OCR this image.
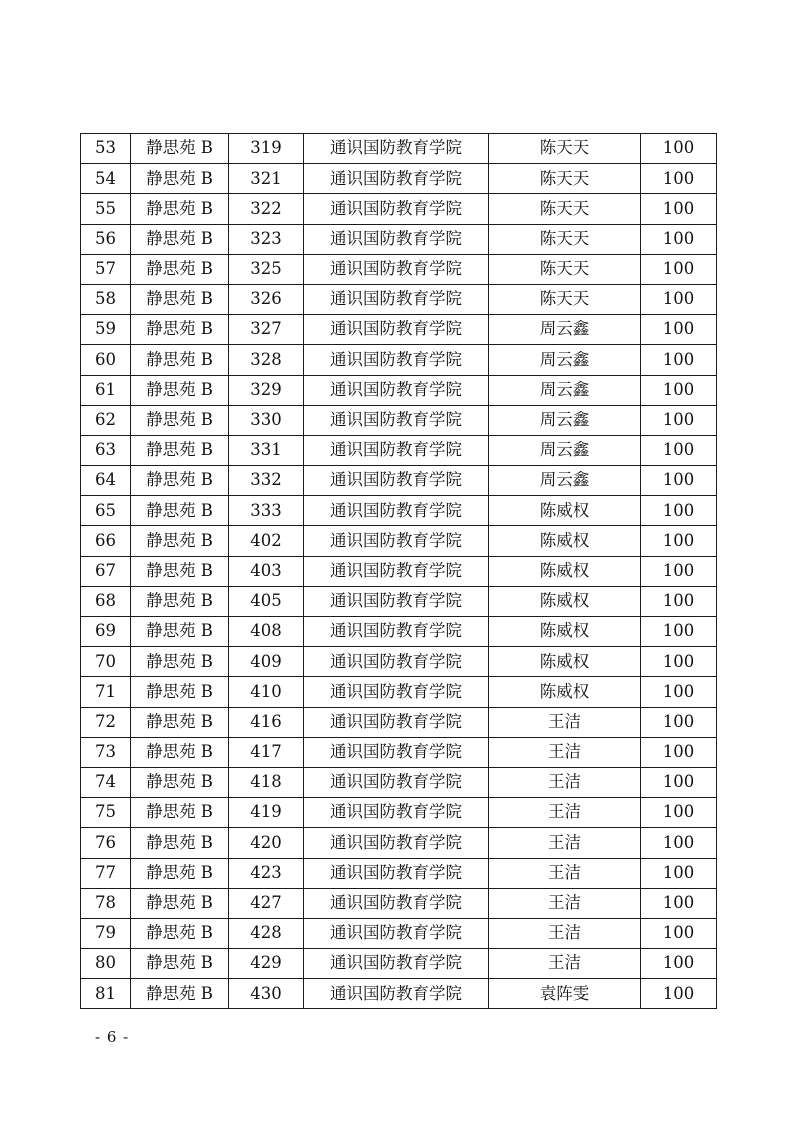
53	静思苑 B	319	通识国防教育学院	陈天天	100
54	静思苑 B	321	通识国防教育学院	陈天天	100
55	静思苑 B	322	通识国防教育学院	陈天天	100
56	静思苑 B	323	通识国防教育学院	陈天天	100
57	静思苑 B	325	通识国防教育学院	陈天天	100
58	静思苑 B	326	通识国防教育学院	陈天天	100
59	静思苑 B	327	通识国防教育学院	周云鑫	100
60	静思苑 B	328	通识国防教育学院	周云鑫	100
61	静思苑 B	329	通识国防教育学院	周云鑫	100
62	静思苑 B	330	通识国防教育学院	周云鑫	100
63	静思苑 B	331	通识国防教育学院	周云鑫	100
64	静思苑 B	332	通识国防教育学院	周云鑫	100
65	静思苑 B	333	通识国防教育学院	陈威权	100
66	静思苑 B	402	通识国防教育学院	陈威权	100
67	静思苑 B	403	通识国防教育学院	陈威权	100
68	静思苑 B	405	通识国防教育学院	陈威权	100
69	静思苑 B	408	通识国防教育学院	陈威权	100
70	静思苑 B	409	通识国防教育学院	陈威权	100
71	静思苑 B	410	通识国防教育学院	陈威权	100
72	静思苑 B	416	通识国防教育学院	王洁	100
73	静思苑 B	417	通识国防教育学院	王洁	100
74	静思苑 B	418	通识国防教育学院	王洁	100
75	静思苑 B	419	通识国防教育学院	王洁	100
76	静思苑 B	420	通识国防教育学院	王洁	100
77	静思苑 B	423	通识国防教育学院	王洁	100
78	静思苑 B	427	通识国防教育学院	王洁	100
79	静思苑 B	428	通识国防教育学院	王洁	100
80	静思苑 B	429	通识国防教育学院	王洁	100
81	静思苑 B	430	通识国防教育学院	袁阵雯	100
- 6 -
